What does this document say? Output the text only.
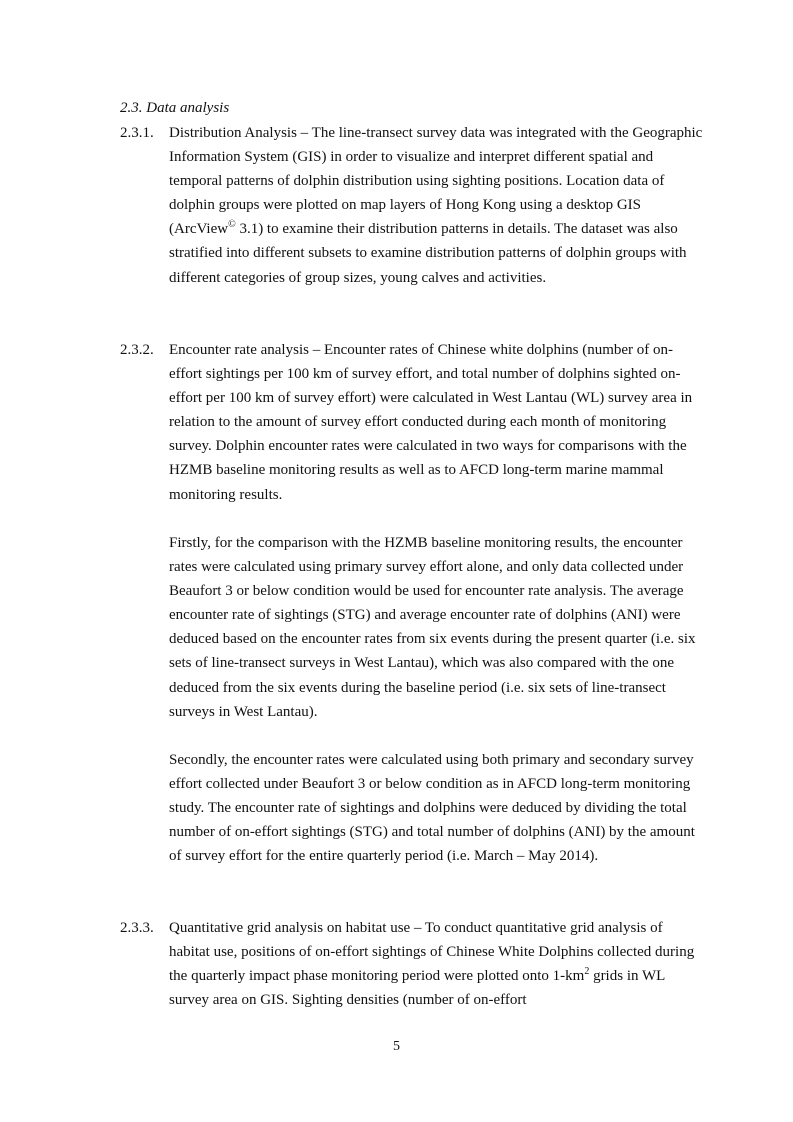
2.3. Data analysis
2.3.1. Distribution Analysis – The line-transect survey data was integrated with the Geographic Information System (GIS) in order to visualize and interpret different spatial and temporal patterns of dolphin distribution using sighting positions. Location data of dolphin groups were plotted on map layers of Hong Kong using a desktop GIS (ArcView© 3.1) to examine their distribution patterns in details. The dataset was also stratified into different subsets to examine distribution patterns of dolphin groups with different categories of group sizes, young calves and activities.
2.3.2. Encounter rate analysis – Encounter rates of Chinese white dolphins (number of on-effort sightings per 100 km of survey effort, and total number of dolphins sighted on-effort per 100 km of survey effort) were calculated in West Lantau (WL) survey area in relation to the amount of survey effort conducted during each month of monitoring survey. Dolphin encounter rates were calculated in two ways for comparisons with the HZMB baseline monitoring results as well as to AFCD long-term marine mammal monitoring results.
Firstly, for the comparison with the HZMB baseline monitoring results, the encounter rates were calculated using primary survey effort alone, and only data collected under Beaufort 3 or below condition would be used for encounter rate analysis. The average encounter rate of sightings (STG) and average encounter rate of dolphins (ANI) were deduced based on the encounter rates from six events during the present quarter (i.e. six sets of line-transect surveys in West Lantau), which was also compared with the one deduced from the six events during the baseline period (i.e. six sets of line-transect surveys in West Lantau).
Secondly, the encounter rates were calculated using both primary and secondary survey effort collected under Beaufort 3 or below condition as in AFCD long-term monitoring study. The encounter rate of sightings and dolphins were deduced by dividing the total number of on-effort sightings (STG) and total number of dolphins (ANI) by the amount of survey effort for the entire quarterly period (i.e. March – May 2014).
2.3.3. Quantitative grid analysis on habitat use – To conduct quantitative grid analysis of habitat use, positions of on-effort sightings of Chinese White Dolphins collected during the quarterly impact phase monitoring period were plotted onto $1-km^2$ grids in WL survey area on GIS. Sighting densities (number of on-effort
5
